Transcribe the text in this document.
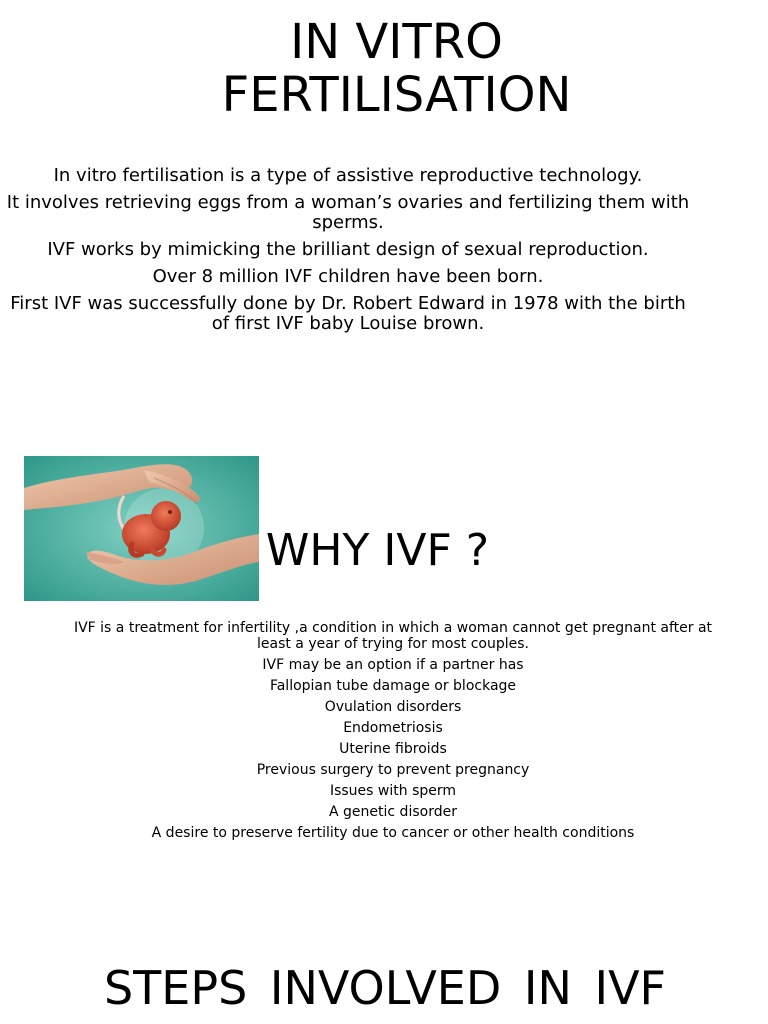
IN VITRO
FERTILISATION

In vitro fertilisation is a type of assistive reproductive technology.

It involves retrieving eggs from a woman’s ovaries and fertilizing them with sperms.

IVF works by mimicking the brilliant design of sexual reproduction.

Over 8 million IVF children have been born.

First IVF was successfully done by Dr. Robert Edward in 1978 with the birth of first IVF baby Louise brown.

WHY IVF ?
IVF is a treatment for infertility ,a condition in which a woman cannot get pregnant after at least a year of trying for most couples.
IVF may be an option if a partner has
Fallopian tube damage or blockage
Ovulation disorders
Endometriosis
Uterine fibroids
Previous surgery to prevent pregnancy
Issues with sperm
A genetic disorder
A desire to preserve fertility due to cancer or other health conditions
STEPS INVOLVED IN IVF
